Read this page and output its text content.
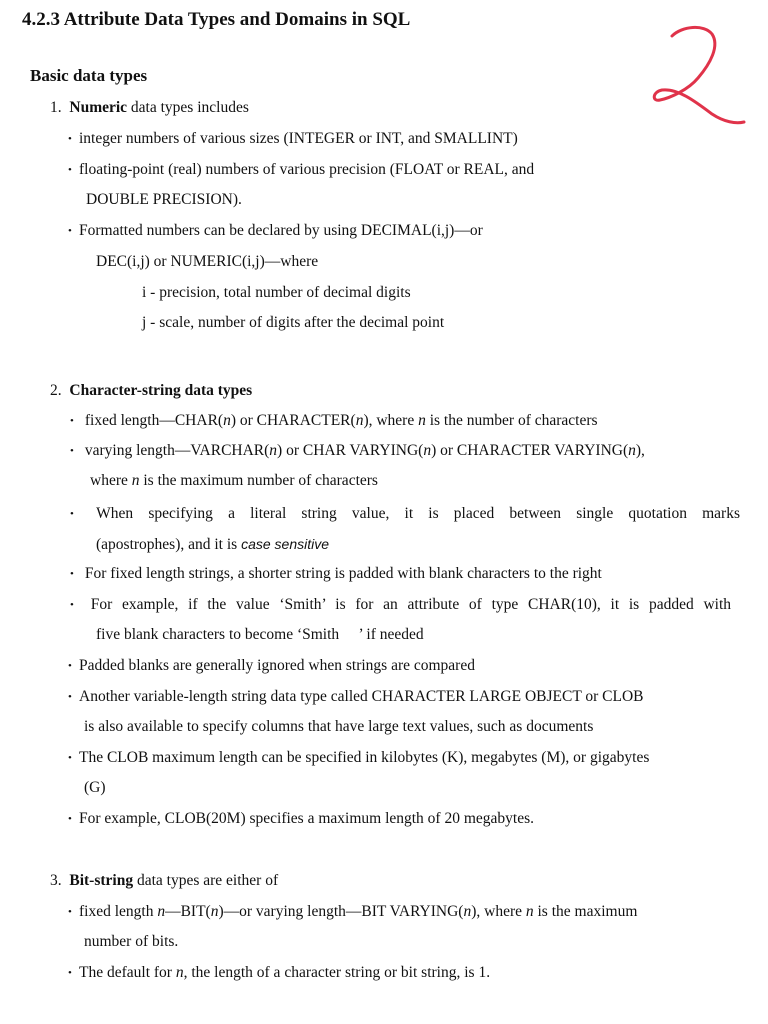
4.2.3 Attribute Data Types and Domains in SQL
Basic data types
1. Numeric data types includes
• integer numbers of various sizes (INTEGER or INT, and SMALLINT)
• floating-point (real) numbers of various precision (FLOAT or REAL, and
DOUBLE PRECISION).
• Formatted numbers can be declared by using DECIMAL(i,j)—or
DEC(i,j) or NUMERIC(i,j)—where
i - precision, total number of decimal digits
j - scale, number of digits after the decimal point
2. Character-string data types
• fixed length—CHAR(n) or CHARACTER(n), where n is the number of characters
• varying length—VARCHAR(n) or CHAR VARYING(n) or CHARACTER VARYING(n),
where n is the maximum number of characters
• When specifying a literal string value, it is placed between single quotation marks
(apostrophes), and it is case sensitive
• For fixed length strings, a shorter string is padded with blank characters to the right
• For example, if the value ‘Smith’ is for an attribute of type CHAR(10), it is padded with
five blank characters to become ‘Smith     ’ if needed
• Padded blanks are generally ignored when strings are compared
• Another variable-length string data type called CHARACTER LARGE OBJECT or CLOB
is also available to specify columns that have large text values, such as documents
• The CLOB maximum length can be specified in kilobytes (K), megabytes (M), or gigabytes
(G)
• For example, CLOB(20M) specifies a maximum length of 20 megabytes.
3. Bit-string data types are either of
• fixed length n—BIT(n)—or varying length—BIT VARYING(n), where n is the maximum
number of bits.
• The default for n, the length of a character string or bit string, is 1.
